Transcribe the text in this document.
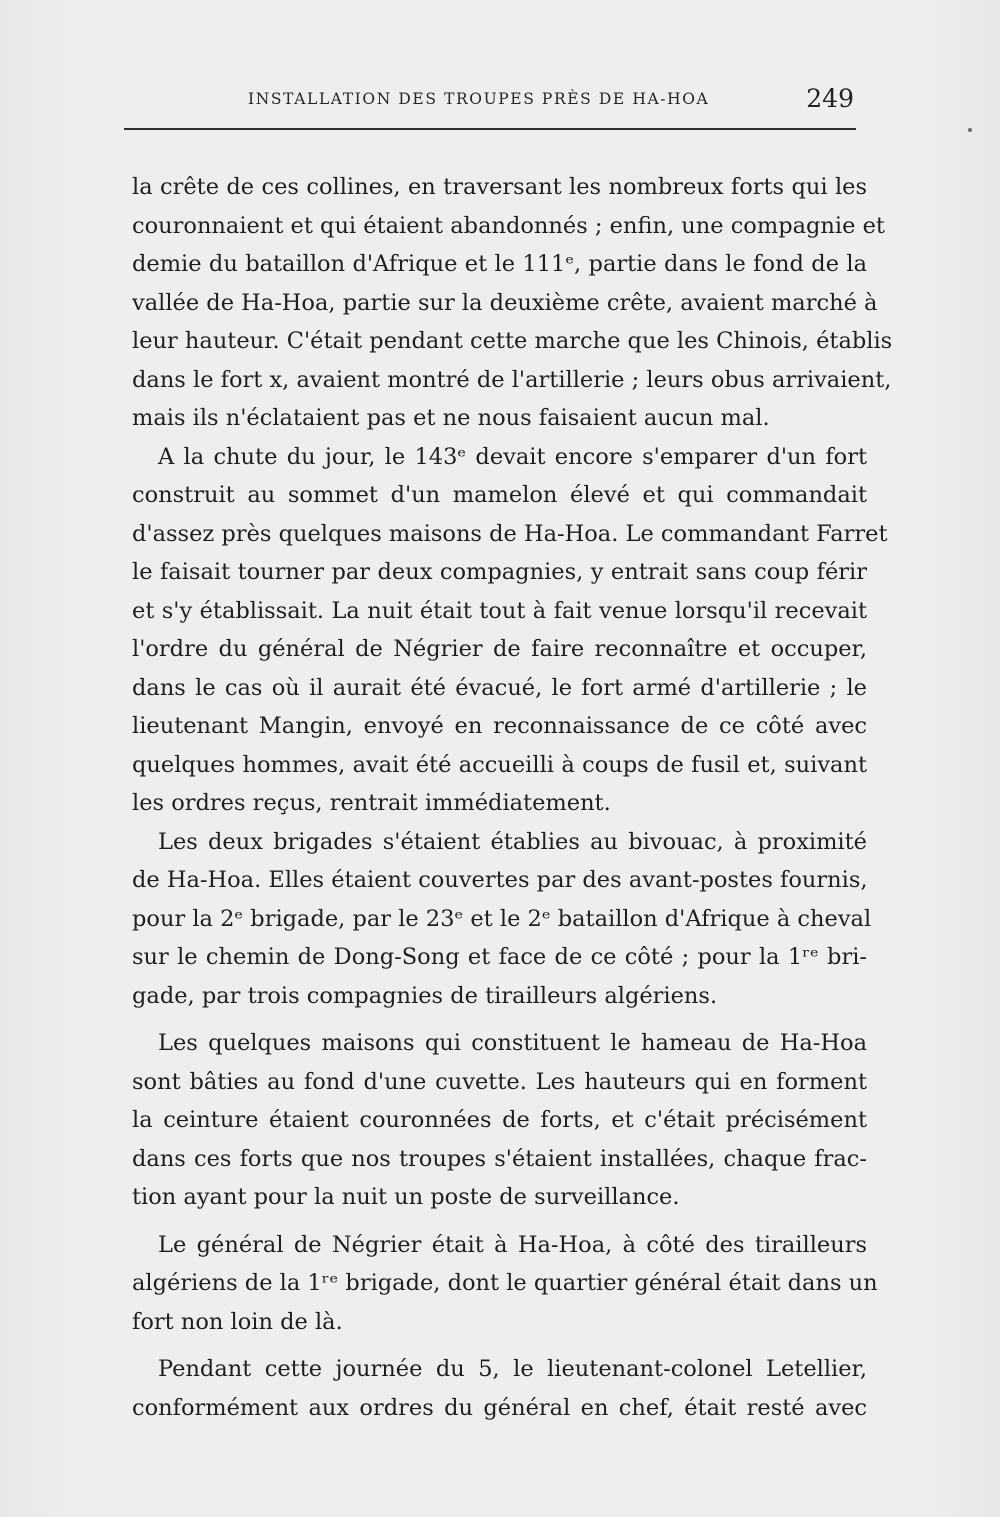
INSTALLATION DES TROUPES PRÈS DE HA-HOA	249
la crête de ces collines, en traversant les nombreux forts qui les
couronnaient et qui étaient abandonnés ; enfin, une compagnie et
demie du bataillon d'Afrique et le 111ᵉ, partie dans le fond de la
vallée de Ha-Hoa, partie sur la deuxième crête, avaient marché à
leur hauteur. C'était pendant cette marche que les Chinois, établis
dans le fort x, avaient montré de l'artillerie ; leurs obus arrivaient,
mais ils n'éclataient pas et ne nous faisaient aucun mal.
A la chute du jour, le 143ᵉ devait encore s'emparer d'un fort
construit au sommet d'un mamelon élevé et qui commandait
d'assez près quelques maisons de Ha-Hoa. Le commandant Farret
le faisait tourner par deux compagnies, y entrait sans coup férir
et s'y établissait. La nuit était tout à fait venue lorsqu'il recevait
l'ordre du général de Négrier de faire reconnaître et occuper,
dans le cas où il aurait été évacué, le fort armé d'artillerie ; le
lieutenant Mangin, envoyé en reconnaissance de ce côté avec
quelques hommes, avait été accueilli à coups de fusil et, suivant
les ordres reçus, rentrait immédiatement.
Les deux brigades s'étaient établies au bivouac, à proximité
de Ha-Hoa. Elles étaient couvertes par des avant-postes fournis,
pour la 2ᵉ brigade, par le 23ᵉ et le 2ᵉ bataillon d'Afrique à cheval
sur le chemin de Dong-Song et face de ce côté ; pour la 1ʳᵉ bri-
gade, par trois compagnies de tirailleurs algériens.
Les quelques maisons qui constituent le hameau de Ha-Hoa
sont bâties au fond d'une cuvette. Les hauteurs qui en forment
la ceinture étaient couronnées de forts, et c'était précisément
dans ces forts que nos troupes s'étaient installées, chaque frac-
tion ayant pour la nuit un poste de surveillance.
Le général de Négrier était à Ha-Hoa, à côté des tirailleurs
algériens de la 1ʳᵉ brigade, dont le quartier général était dans un
fort non loin de là.
Pendant cette journée du 5, le lieutenant-colonel Letellier,
conformément aux ordres du général en chef, était resté avec
